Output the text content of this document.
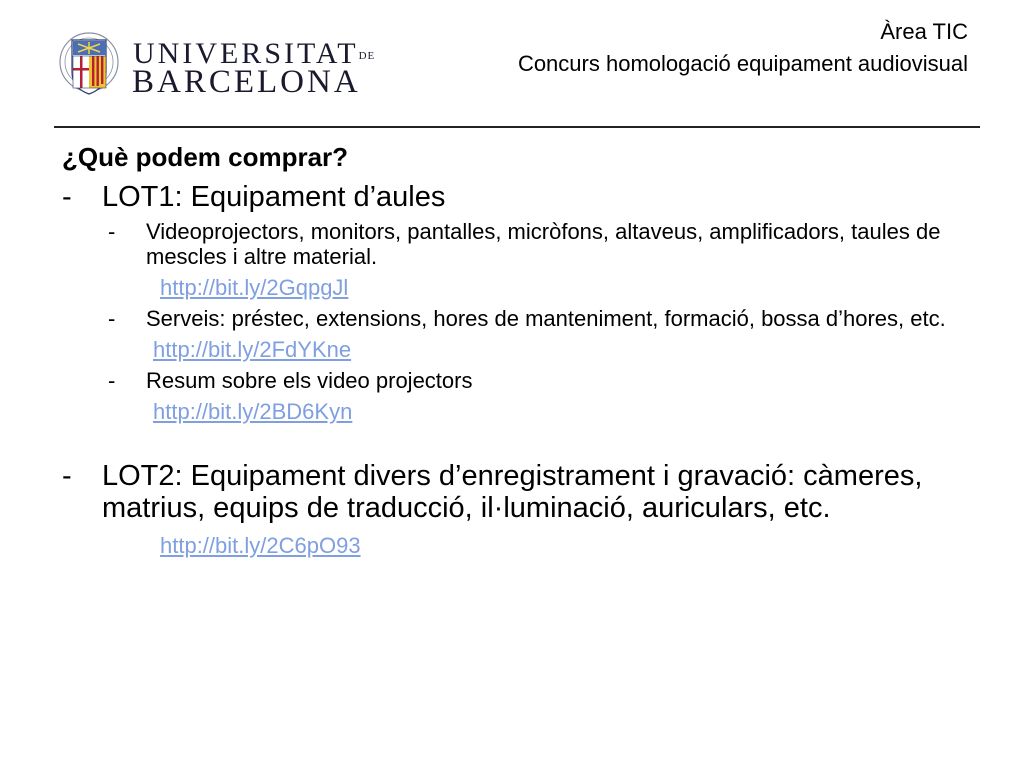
UNIVERSITATDE
BARCELONA
Àrea TIC
Concurs homologació equipament audiovisual
¿Què podem comprar?
- LOT1: Equipament d’aules
- Videoprojectors, monitors, pantalles, micròfons, altaveus, amplificadors, taules de mescles i altre material.
http://bit.ly/2GqpgJl
- Serveis: préstec, extensions, hores de manteniment, formació, bossa d’hores, etc.
http://bit.ly/2FdYKne
- Resum sobre els video projectors
http://bit.ly/2BD6Kyn
- LOT2: Equipament divers d’enregistrament i gravació: càmeres, matrius, equips de traducció, il·luminació, auriculars, etc.
http://bit.ly/2C6pO93
